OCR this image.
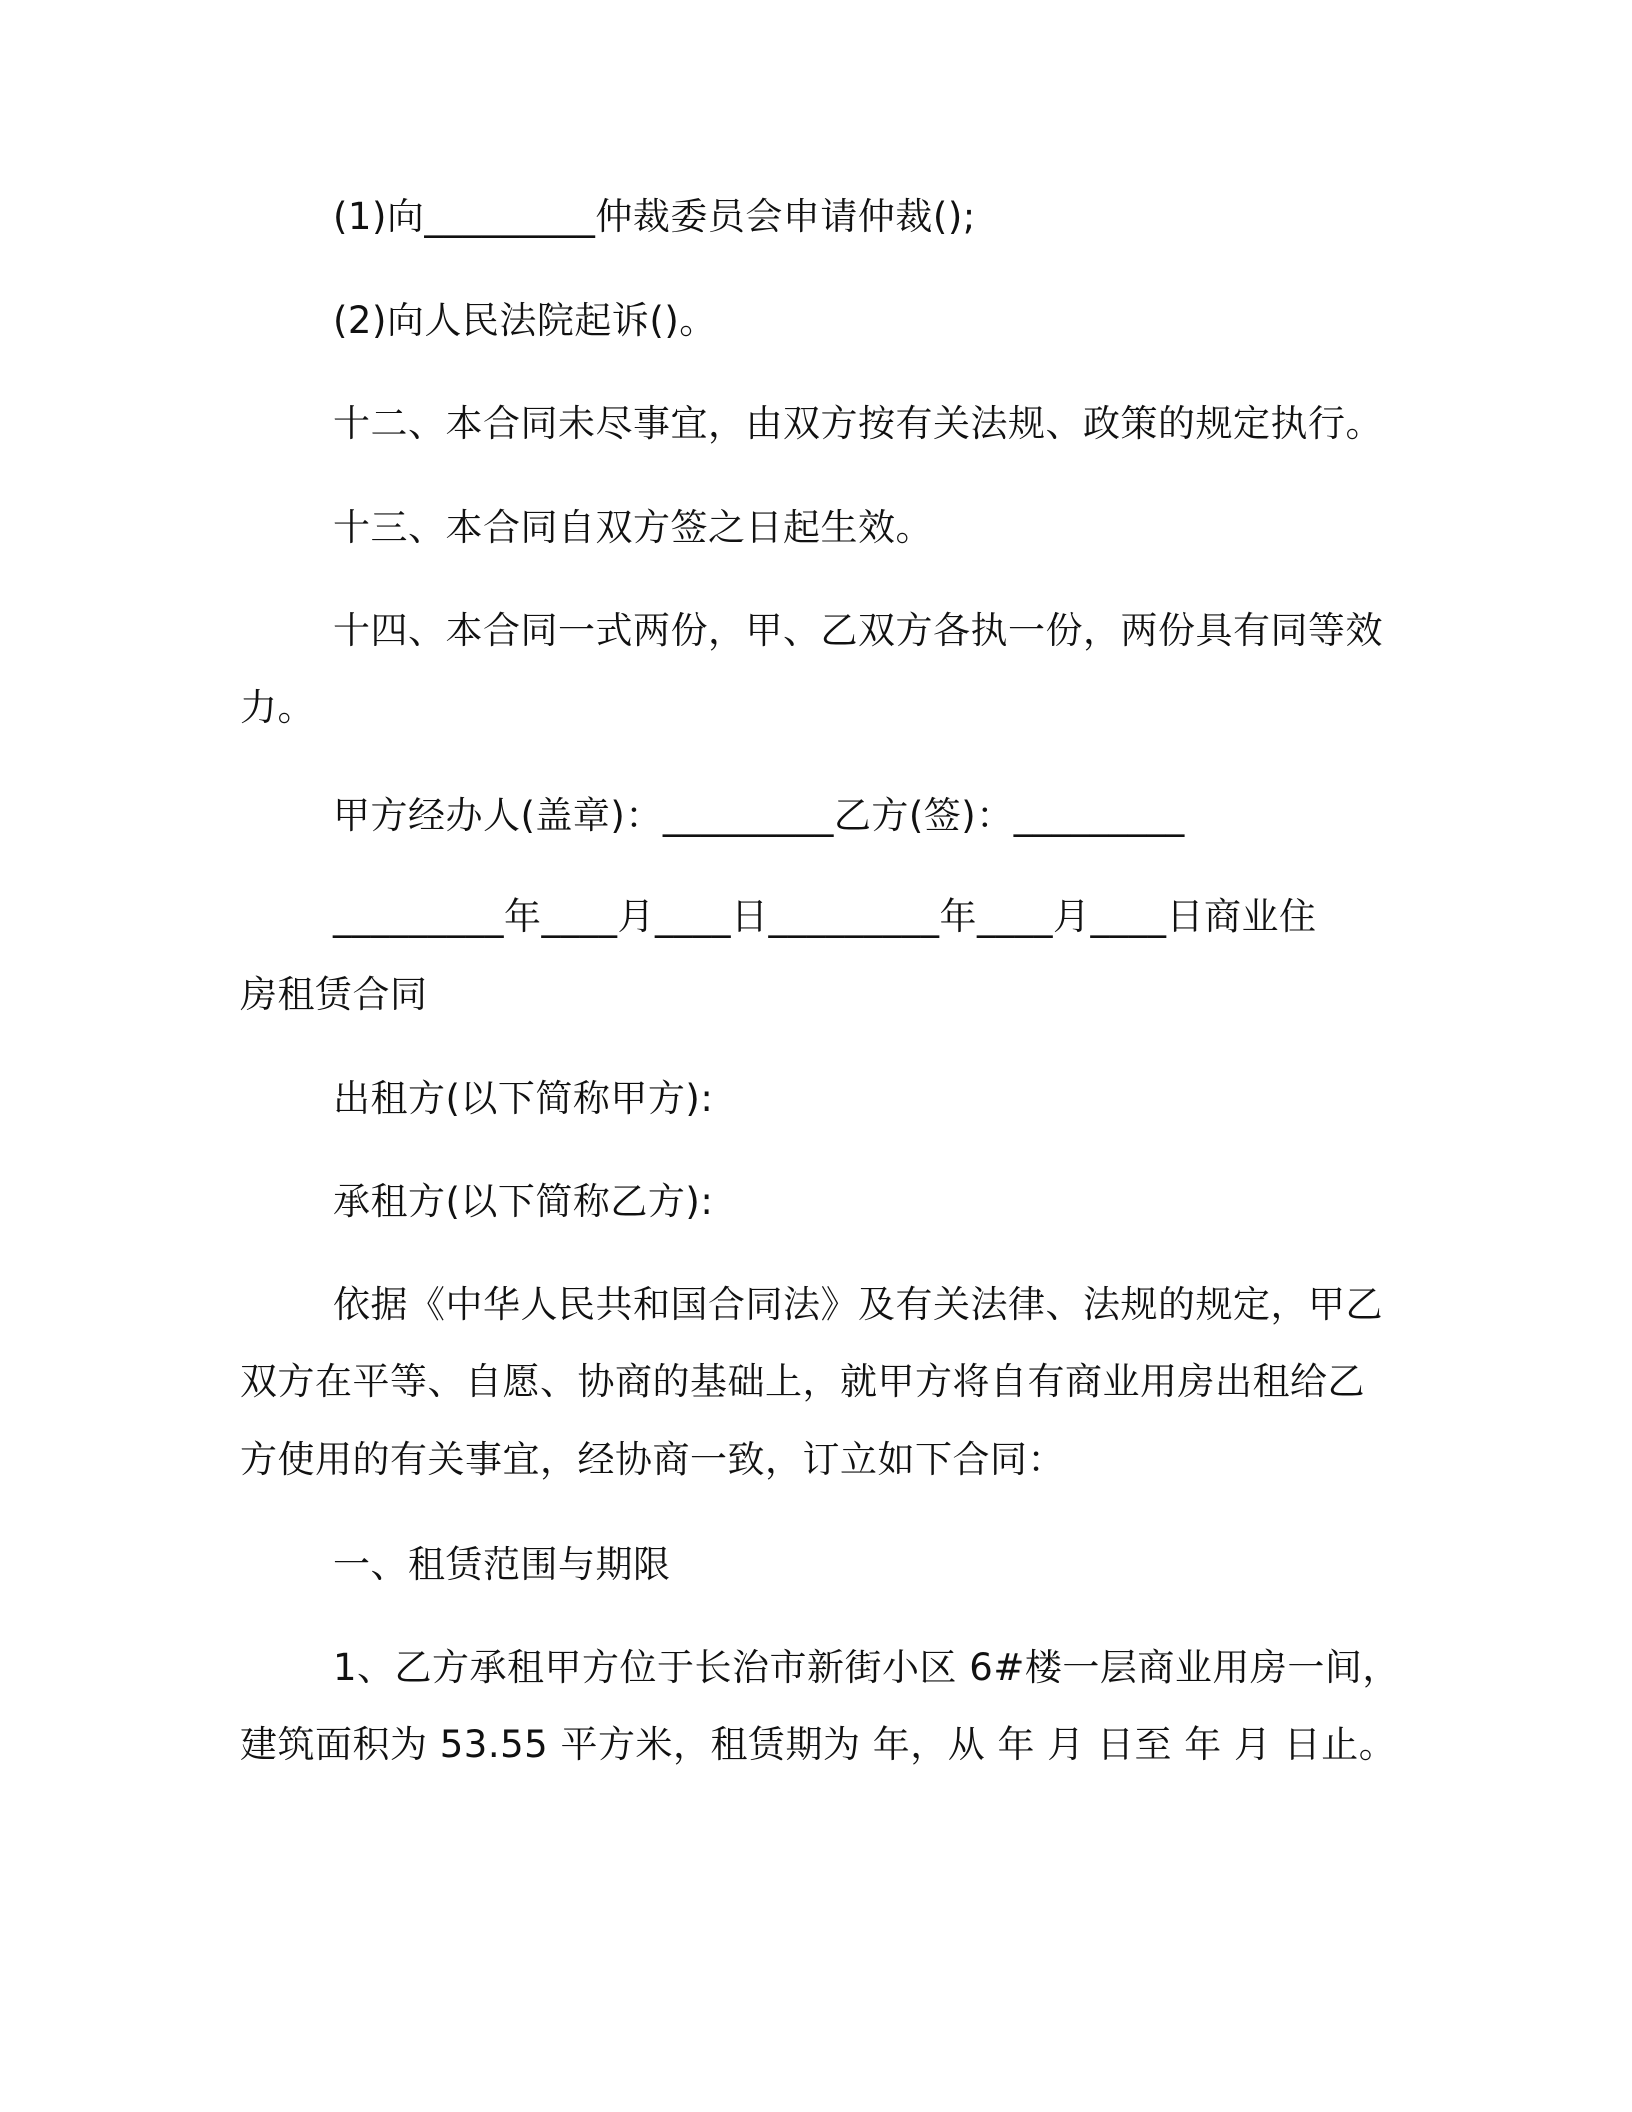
(1)向_________仲裁委员会申请仲裁();
(2)向人民法院起诉()。
十二、本合同未尽事宜，由双方按有关法规、政策的规定执行。
十三、本合同自双方签之日起生效。
十四、本合同一式两份，甲、乙双方各执一份，两份具有同等效
力。
甲方经办人(盖章)：_________乙方(签)：_________
_________年____月____日_________年____月____日商业住
房租赁合同
出租方(以下简称甲方):
承租方(以下简称乙方):
依据《中华人民共和国合同法》及有关法律、法规的规定，甲乙
双方在平等、自愿、协商的基础上，就甲方将自有商业用房出租给乙
方使用的有关事宜，经协商一致，订立如下合同：
一、租赁范围与期限
1、乙方承租甲方位于长治市新街小区 6#楼一层商业用房一间，
建筑面积为 53.55 平方米，租赁期为 年，从 年 月 日至 年 月 日止。
